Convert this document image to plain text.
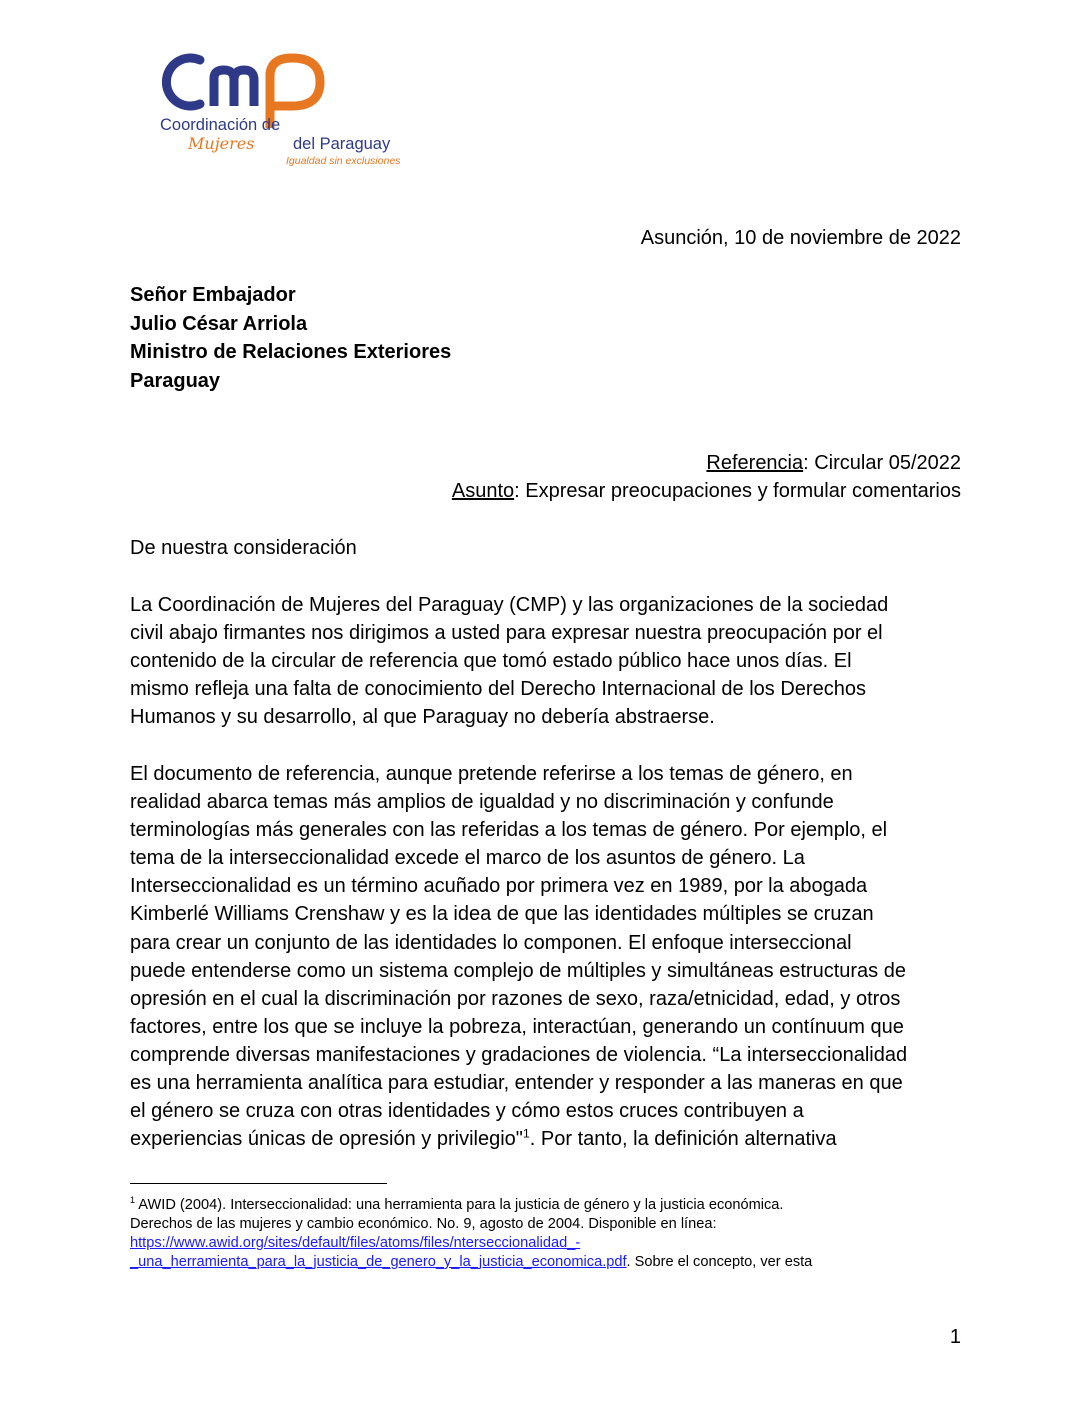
Coordinación de
Mujeres del Paraguay
Igualdad sin exclusiones
Asunción, 10 de noviembre de 2022
Señor Embajador
Julio César Arriola
Ministro de Relaciones Exteriores
Paraguay
Referencia: Circular 05/2022
Asunto: Expresar preocupaciones y formular comentarios
De nuestra consideración
La Coordinación de Mujeres del Paraguay (CMP) y las organizaciones de la sociedad
civil abajo firmantes nos dirigimos a usted para expresar nuestra preocupación por el
contenido de la circular de referencia que tomó estado público hace unos días. El
mismo refleja una falta de conocimiento del Derecho Internacional de los Derechos
Humanos y su desarrollo, al que Paraguay no debería abstraerse.
El documento de referencia, aunque pretende referirse a los temas de género, en
realidad abarca temas más amplios de igualdad y no discriminación y confunde
terminologías más generales con las referidas a los temas de género. Por ejemplo, el
tema de la interseccionalidad excede el marco de los asuntos de género. La
Interseccionalidad es un término acuñado por primera vez en 1989, por la abogada
Kimberlé Williams Crenshaw y es la idea de que las identidades múltiples se cruzan
para crear un conjunto de las identidades lo componen. El enfoque interseccional
puede entenderse como un sistema complejo de múltiples y simultáneas estructuras de
opresión en el cual la discriminación por razones de sexo, raza/etnicidad, edad, y otros
factores, entre los que se incluye la pobreza, interactúan, generando un contínuum que
comprende diversas manifestaciones y gradaciones de violencia. “La interseccionalidad
es una herramienta analítica para estudiar, entender y responder a las maneras en que
el género se cruza con otras identidades y cómo estos cruces contribuyen a
experiencias únicas de opresión y privilegio"$^1$. Por tanto, la definición alternativa
$^1$ AWID (2004). Interseccionalidad: una herramienta para la justicia de género y la justicia económica.
Derechos de las mujeres y cambio económico. No. 9, agosto de 2004. Disponible en línea:
https://www.awid.org/sites/default/files/atoms/files/nterseccionalidad_-
_una_herramienta_para_la_justicia_de_genero_y_la_justicia_economica.pdf. Sobre el concepto, ver esta
1
